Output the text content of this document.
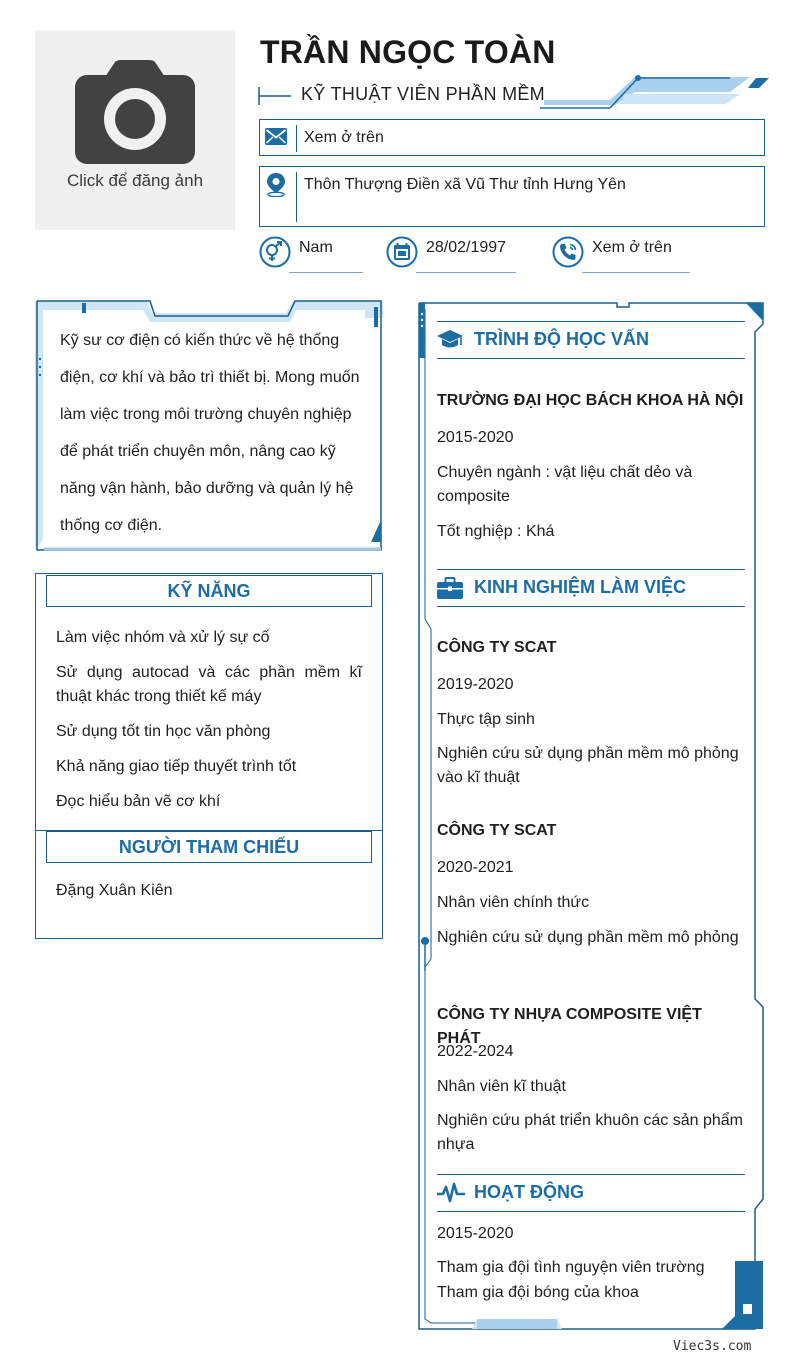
Click để đăng ảnh
TRẦN NGỌC TOÀN
KỸ THUẬT VIÊN PHẦN MỀM
Xem ở trên
Thôn Thượng Điền xã Vũ Thư tỉnh Hưng Yên
Nam	28/02/1997	Xem ở trên
Kỹ sư cơ điện có kiến thức về hệ thống điện, cơ khí và bảo trì thiết bị. Mong muốn làm việc trong môi trường chuyên nghiệp để phát triển chuyên môn, nâng cao kỹ năng vận hành, bảo dưỡng và quản lý hệ thống cơ điện.
KỸ NĂNG
Làm việc nhóm và xử lý sự cố
Sử dụng autocad và các phần mềm kĩ thuật khác trong thiết kế máy
Sử dụng tốt tin học văn phòng
Khả năng giao tiếp thuyết trình tốt
Đọc hiểu bản vẽ cơ khí
NGƯỜI THAM CHIẾU
Đặng Xuân Kiên
TRÌNH ĐỘ HỌC VẤN
TRƯỜNG ĐẠI HỌC BÁCH KHOA HÀ NỘI
2015-2020
Chuyên ngành : vật liệu chất dẻo và composite
Tốt nghiệp : Khá
KINH NGHIỆM LÀM VIỆC
CÔNG TY SCAT
2019-2020
Thực tập sinh
Nghiên cứu sử dụng phần mềm mô phỏng vào kĩ thuật
CÔNG TY SCAT
2020-2021
Nhân viên chính thức
Nghiên cứu sử dụng phần mềm mô phỏng
CÔNG TY NHỰA COMPOSITE VIỆT PHÁT
2022-2024
Nhân viên kĩ thuật
Nghiên cứu phát triển khuôn các sản phẩm nhựa
HOẠT ĐỘNG
2015-2020
Tham gia đội tình nguyện viên trường
Tham gia đội bóng của khoa
Viec3s.com
